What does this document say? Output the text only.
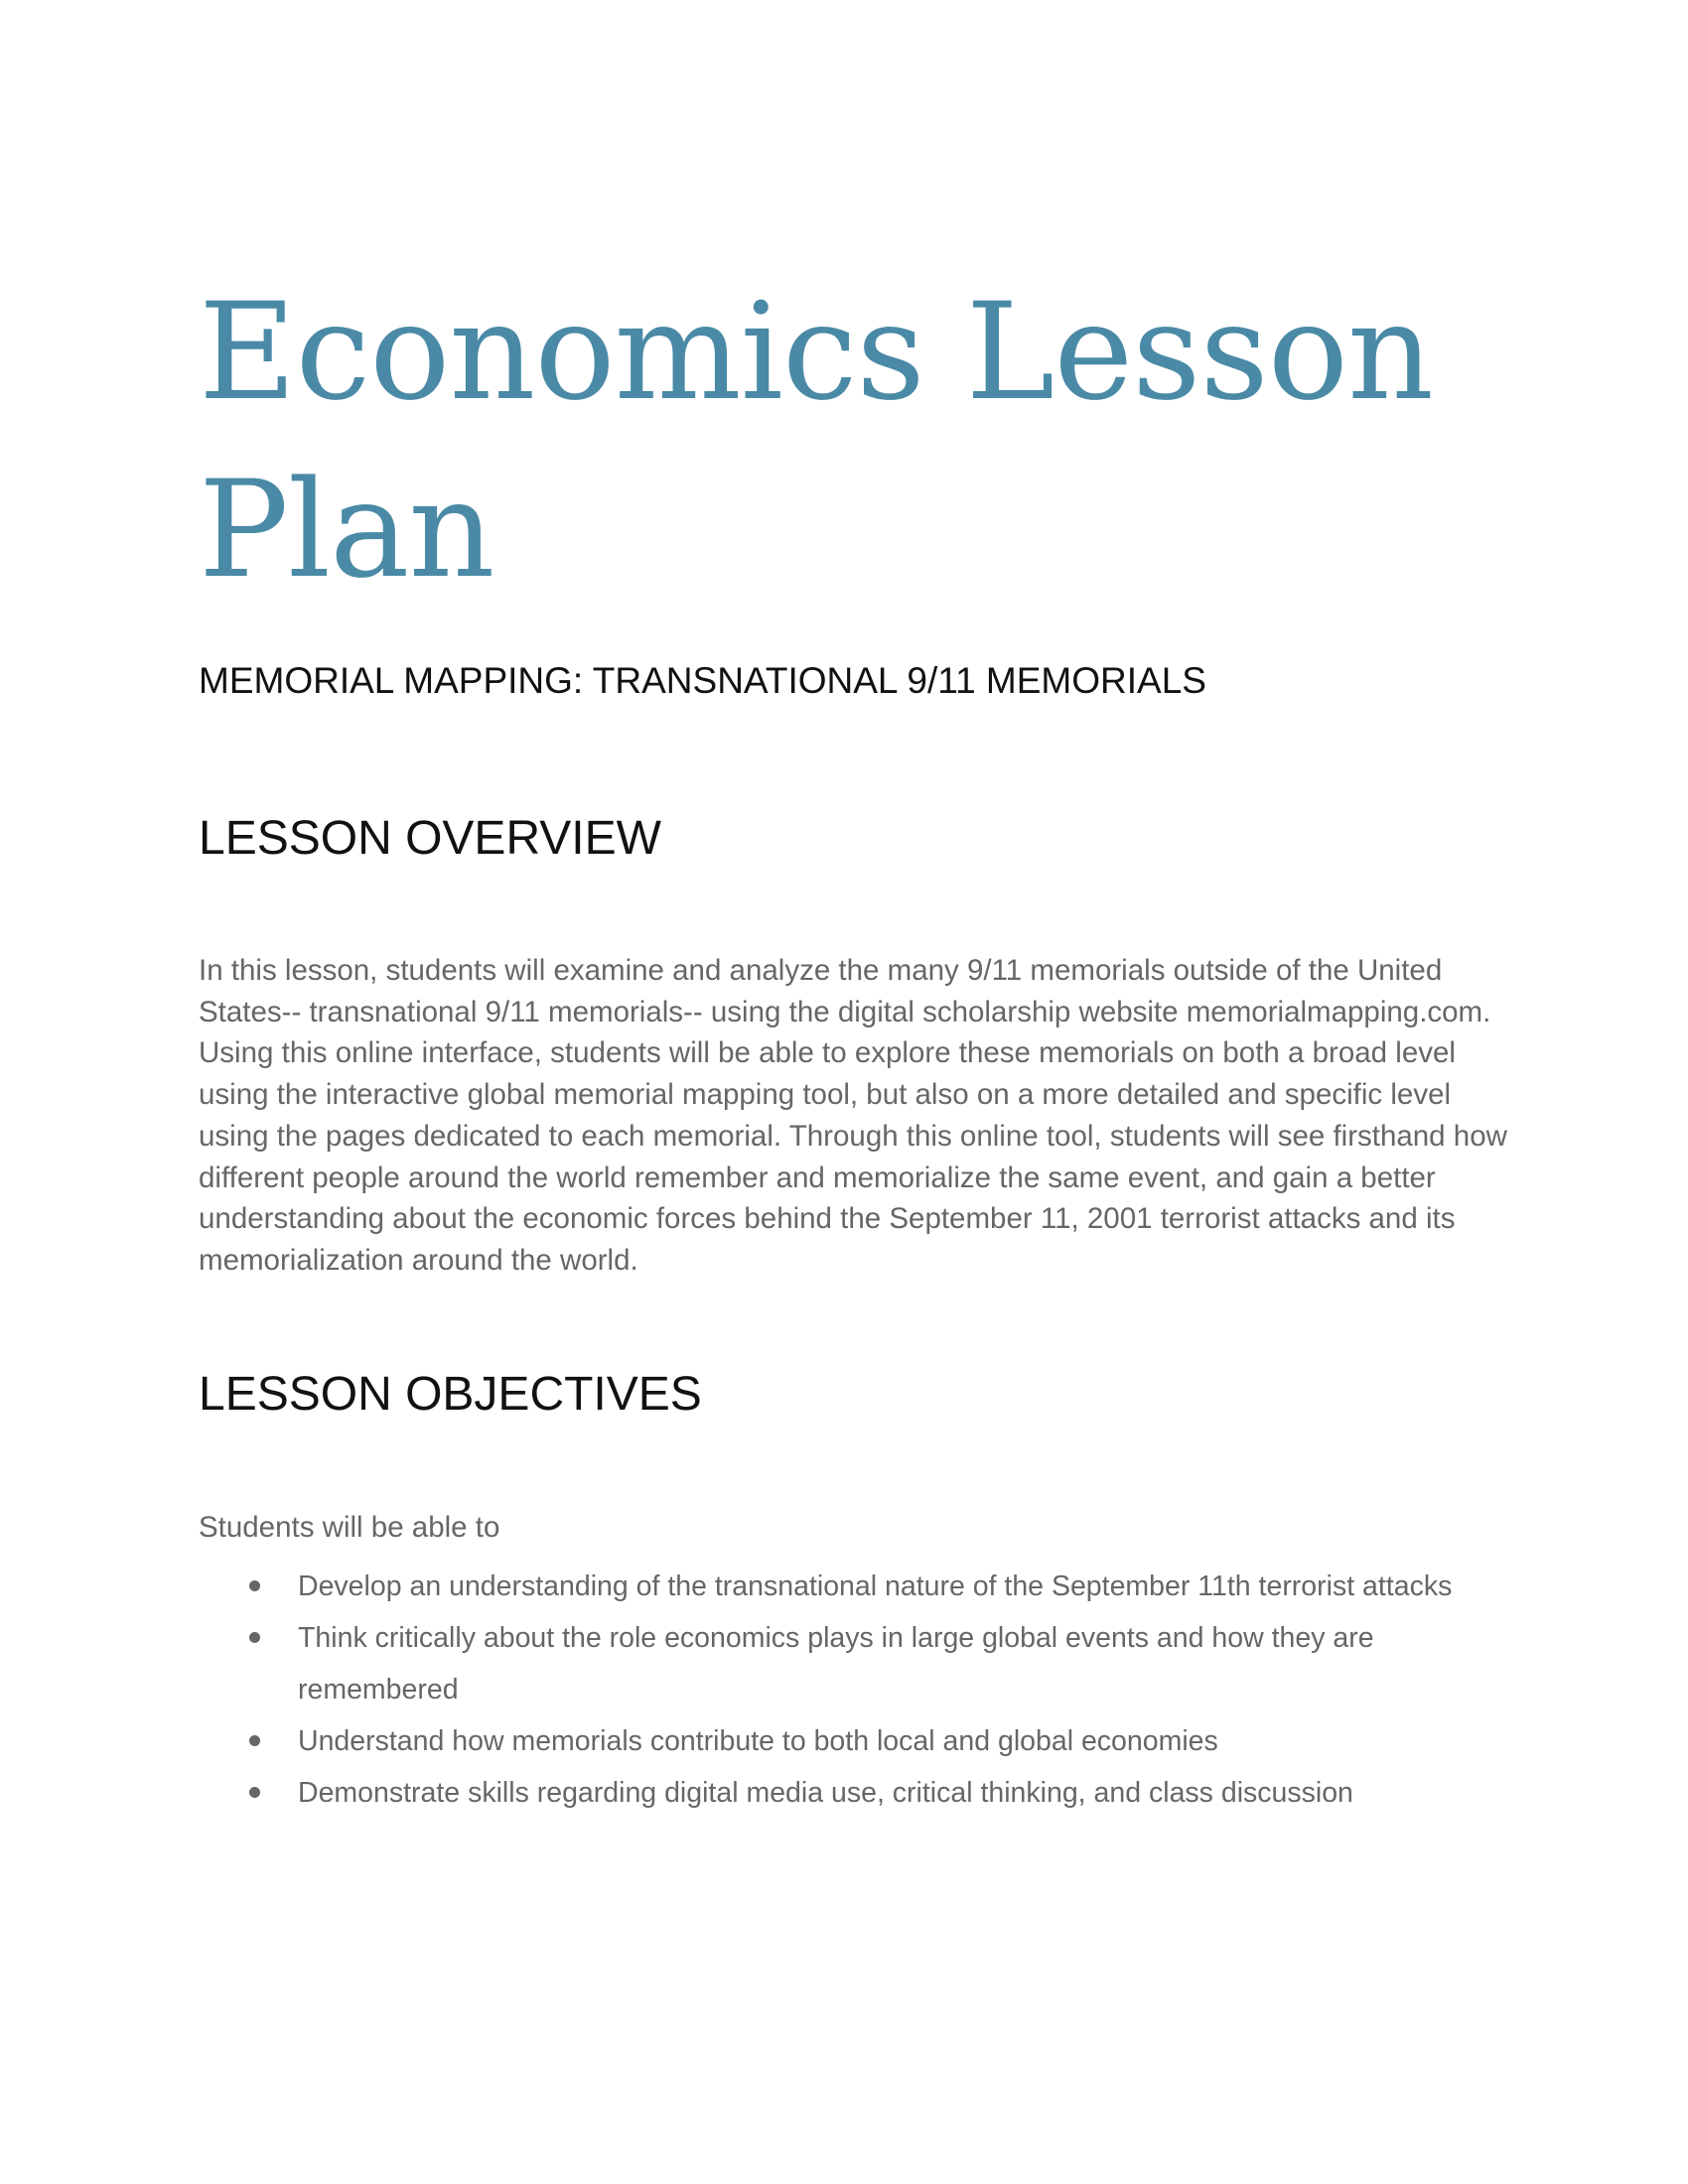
Economics Lesson Plan
MEMORIAL MAPPING: TRANSNATIONAL 9/11 MEMORIALS
LESSON OVERVIEW

In this lesson, students will examine and analyze the many 9/11 memorials outside of the United States-- transnational 9/11 memorials-- using the digital scholarship website memorialmapping.com. Using this online interface, students will be able to explore these memorials on both a broad level using the interactive global memorial mapping tool, but also on a more detailed and specific level using the pages dedicated to each memorial. Through this online tool, students will see firsthand how different people around the world remember and memorialize the same event, and gain a better understanding about the economic forces behind the September 11, 2001 terrorist attacks and its memorialization around the world.

LESSON OBJECTIVES

Students will be able to

Develop an understanding of the transnational nature of the September 11th terrorist attacks
Think critically about the role economics plays in large global events and how they are remembered
Understand how memorials contribute to both local and global economies
Demonstrate skills regarding digital media use, critical thinking, and class discussion
